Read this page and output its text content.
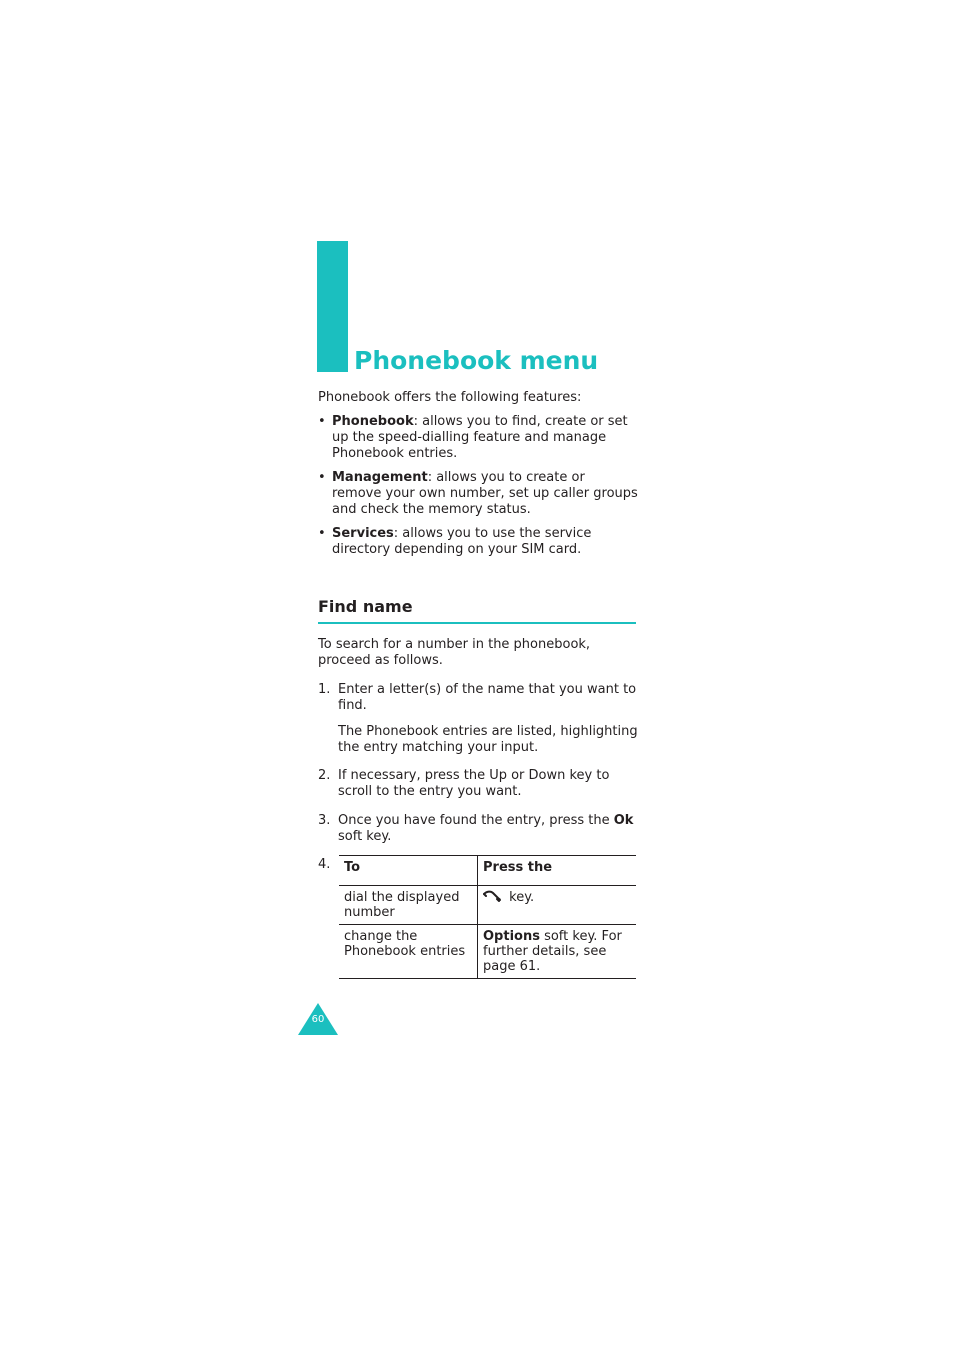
Phonebook menu
Phonebook offers the following features:
• Phonebook: allows you to find, create or set up the speed-dialling feature and manage Phonebook entries.
• Management: allows you to create or remove your own number, set up caller groups and check the memory status.
• Services: allows you to use the service directory depending on your SIM card.
Find name
To search for a number in the phonebook, proceed as follows.
1. Enter a letter(s) of the name that you want to find.

The Phonebook entries are listed, highlighting the entry matching your input.

2. If necessary, press the Up or Down key to scroll to the entry you want.

3. Once you have found the entry, press the Ok soft key.

4. To	Press the
dial the displayed number	key.
change the Phonebook entries	Options soft key. For further details, see page 61.
60
